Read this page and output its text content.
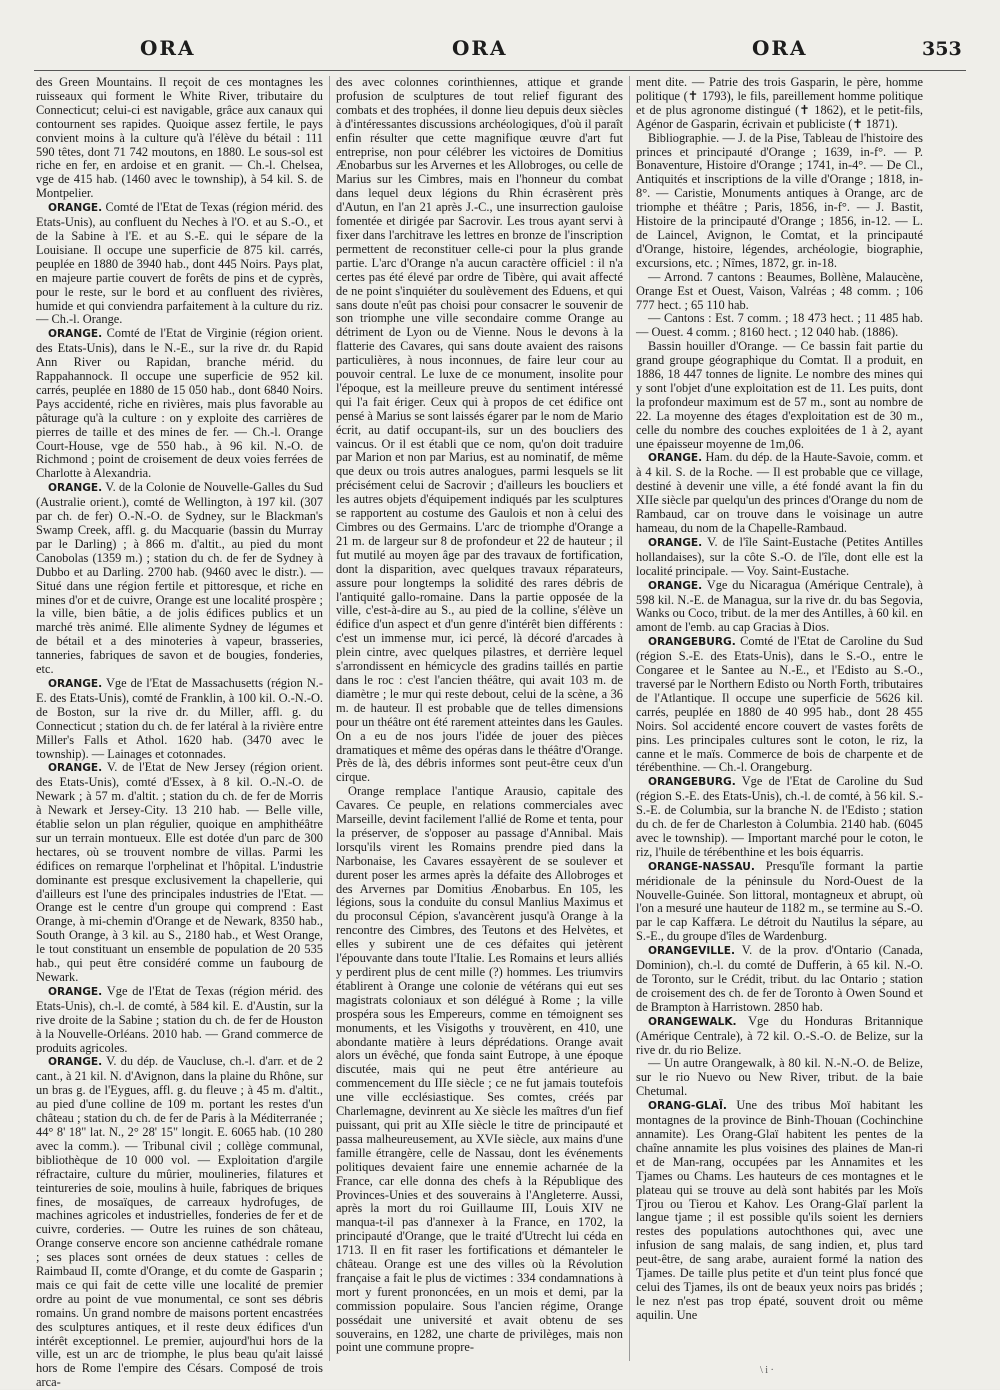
ORA	ORA	ORA	353

des Green Mountains. Il reçoit de ces montagnes les ruisseaux qui forment le White River, tributaire du Connecticut; celui-ci est navigable, grâce aux canaux qui contournent ses rapides. Quoique assez fertile, le pays convient moins à la culture qu'à l'élève du bétail : 111 590 têtes, dont 71 742 moutons, en 1880. Le sous-sol est riche en fer, en ardoise et en granit. — Ch.-l. Chelsea, vge de 415 hab. (1460 avec le township), à 54 kil. S. de Montpelier.

ORANGE. Comté de l'Etat de Texas (région mérid. des Etats-Unis), au confluent du Neches à l'O. et au S.-O., et de la Sabine à l'E. et au S.-E. qui le sépare de la Louisiane. Il occupe une superficie de 875 kil. carrés, peuplée en 1880 de 3940 hab., dont 445 Noirs. Pays plat, en majeure partie couvert de forêts de pins et de cyprès, pour le reste, sur le bord et au confluent des rivières, humide et qui conviendra parfaitement à la culture du riz. — Ch.-l. Orange.

ORANGE. Comté de l'Etat de Virginie (région orient. des Etats-Unis), dans le N.-E., sur la rive dr. du Rapid Ann River ou Rapidan, branche mérid. du Rappahannock. Il occupe une superficie de 952 kil. carrés, peuplée en 1880 de 15 050 hab., dont 6840 Noirs. Pays accidenté, riche en rivières, mais plus favorable au pâturage qu'à la culture : on y exploite des carrières de pierres de taille et des mines de fer. — Ch.-l. Orange Court-House, vge de 550 hab., à 96 kil. N.-O. de Richmond ; point de croisement de deux voies ferrées de Charlotte à Alexandria.

ORANGE. V. de la Colonie de Nouvelle-Galles du Sud (Australie orient.), comté de Wellington, à 197 kil. (307 par ch. de fer) O.-N.-O. de Sydney, sur le Blackman's Swamp Creek, affl. g. du Macquarie (bassin du Murray par le Darling) ; à 866 m. d'altit., au pied du mont Canobolas (1359 m.) ; station du ch. de fer de Sydney à Dubbo et au Darling. 2700 hab. (9460 avec le distr.). — Situé dans une région fertile et pittoresque, et riche en mines d'or et de cuivre, Orange est une localité prospère ; la ville, bien bâtie, a de jolis édifices publics et un marché très animé. Elle alimente Sydney de légumes et de bétail et a des minoteries à vapeur, brasseries, tanneries, fabriques de savon et de bougies, fonderies, etc.

ORANGE. Vge de l'Etat de Massachusetts (région N.-E. des Etats-Unis), comté de Franklin, à 100 kil. O.-N.-O. de Boston, sur la rive dr. du Miller, affl. g. du Connecticut ; station du ch. de fer latéral à la rivière entre Miller's Falls et Athol. 1620 hab. (3470 avec le township). — Lainages et cotonnades.

ORANGE. V. de l'Etat de New Jersey (région orient. des Etats-Unis), comté d'Essex, à 8 kil. O.-N.-O. de Newark ; à 57 m. d'altit. ; station du ch. de fer de Morris à Newark et Jersey-City. 13 210 hab. — Belle ville, établie selon un plan régulier, quoique en amphithéâtre sur un terrain montueux. Elle est dotée d'un parc de 300 hectares, où se trouvent nombre de villas. Parmi les édifices on remarque l'orphelinat et l'hôpital. L'industrie dominante est presque exclusivement la chapellerie, qui d'ailleurs est l'une des principales industries de l'Etat. — Orange est le centre d'un groupe qui comprend : East Orange, à mi-chemin d'Orange et de Newark, 8350 hab., South Orange, à 3 kil. au S., 2180 hab., et West Orange, le tout constituant un ensemble de population de 20 535 hab., qui peut être considéré comme un faubourg de Newark.

ORANGE. Vge de l'Etat de Texas (région mérid. des Etats-Unis), ch.-l. de comté, à 584 kil. E. d'Austin, sur la rive droite de la Sabine ; station du ch. de fer de Houston à la Nouvelle-Orléans. 2010 hab. — Grand commerce de produits agricoles.

ORANGE. V. du dép. de Vaucluse, ch.-l. d'arr. et de 2 cant., à 21 kil. N. d'Avignon, dans la plaine du Rhône, sur un bras g. de l'Eygues, affl. g. du fleuve ; à 45 m. d'altit., au pied d'une colline de 109 m. portant les restes d'un château ; station du ch. de fer de Paris à la Méditerranée ; 44° 8' 18" lat. N., 2° 28' 15" longit. E. 6065 hab. (10 280 avec la comm.). — Tribunal civil ; collège communal, bibliothèque de 10 000 vol. — Exploitation d'argile réfractaire, culture du mûrier, moulineries, filatures et teintureries de soie, moulins à huile, fabriques de briques fines, de mosaïques, de carreaux hydrofuges, de machines agricoles et industrielles, fonderies de fer et de cuivre, corderies. — Outre les ruines de son château, Orange conserve encore son ancienne cathédrale romane ; ses places sont ornées de deux statues : celles de Raimbaud II, comte d'Orange, et du comte de Gasparin ; mais ce qui fait de cette ville une localité de premier ordre au point de vue monumental, ce sont ses débris romains. Un grand nombre de maisons portent encastrées des sculptures antiques, et il reste deux édifices d'un intérêt exceptionnel. Le premier, aujourd'hui hors de la ville, est un arc de triomphe, le plus beau qu'ait laissé hors de Rome l'empire des Césars. Composé de trois arca-

des avec colonnes corinthiennes, attique et grande profusion de sculptures de tout relief figurant des combats et des trophées, il donne lieu depuis deux siècles à d'intéressantes discussions archéologiques, d'où il paraît enfin résulter que cette magnifique œuvre d'art fut entreprise, non pour célébrer les victoires de Domitius Ænobarbus sur les Arvernes et les Allobroges, ou celle de Marius sur les Cimbres, mais en l'honneur du combat dans lequel deux légions du Rhin écrasèrent près d'Autun, en l'an 21 après J.-C., une insurrection gauloise fomentée et dirigée par Sacrovir. Les trous ayant servi à fixer dans l'architrave les lettres en bronze de l'inscription permettent de reconstituer celle-ci pour la plus grande partie. L'arc d'Orange n'a aucun caractère officiel : il n'a certes pas été élevé par ordre de Tibère, qui avait affecté de ne point s'inquiéter du soulèvement des Eduens, et qui sans doute n'eût pas choisi pour consacrer le souvenir de son triomphe une ville secondaire comme Orange au détriment de Lyon ou de Vienne. Nous le devons à la flatterie des Cavares, qui sans doute avaient des raisons particulières, à nous inconnues, de faire leur cour au pouvoir central. Le luxe de ce monument, insolite pour l'époque, est la meilleure preuve du sentiment intéressé qui l'a fait ériger. Ceux qui à propos de cet édifice ont pensé à Marius se sont laissés égarer par le nom de Mario écrit, au datif occupant-ils, sur un des boucliers des vaincus. Or il est établi que ce nom, qu'on doit traduire par Marion et non par Marius, est au nominatif, de même que deux ou trois autres analogues, parmi lesquels se lit précisément celui de Sacrovir ; d'ailleurs les boucliers et les autres objets d'équipement indiqués par les sculptures se rapportent au costume des Gaulois et non à celui des Cimbres ou des Germains. L'arc de triomphe d'Orange a 21 m. de largeur sur 8 de profondeur et 22 de hauteur ; il fut mutilé au moyen âge par des travaux de fortification, dont la disparition, avec quelques travaux réparateurs, assure pour longtemps la solidité des rares débris de l'antiquité gallo-romaine. Dans la partie opposée de la ville, c'est-à-dire au S., au pied de la colline, s'élève un édifice d'un aspect et d'un genre d'intérêt bien différents : c'est un immense mur, ici percé, là décoré d'arcades à plein cintre, avec quelques pilastres, et derrière lequel s'arrondissent en hémicycle des gradins taillés en partie dans le roc : c'est l'ancien théâtre, qui avait 103 m. de diamètre ; le mur qui reste debout, celui de la scène, a 36 m. de hauteur. Il est probable que de telles dimensions pour un théâtre ont été rarement atteintes dans les Gaules. On a eu de nos jours l'idée de jouer des pièces dramatiques et même des opéras dans le théâtre d'Orange. Près de là, des débris informes sont peut-être ceux d'un cirque.

Orange remplace l'antique Arausio, capitale des Cavares. Ce peuple, en relations commerciales avec Marseille, devint facilement l'allié de Rome et tenta, pour la préserver, de s'opposer au passage d'Annibal. Mais lorsqu'ils virent les Romains prendre pied dans la Narbonaise, les Cavares essayèrent de se soulever et durent poser les armes après la défaite des Allobroges et des Arvernes par Domitius Ænobarbus. En 105, les légions, sous la conduite du consul Manlius Maximus et du proconsul Cépion, s'avancèrent jusqu'à Orange à la rencontre des Cimbres, des Teutons et des Helvètes, et elles y subirent une de ces défaites qui jetèrent l'épouvante dans toute l'Italie. Les Romains et leurs alliés y perdirent plus de cent mille (?) hommes. Les triumvirs établirent à Orange une colonie de vétérans qui eut ses magistrats coloniaux et son délégué à Rome ; la ville prospéra sous les Empereurs, comme en témoignent ses monuments, et les Visigoths y trouvèrent, en 410, une abondante matière à leurs déprédations. Orange avait alors un évêché, que fonda saint Eutrope, à une époque discutée, mais qui ne peut être antérieure au commencement du IIIe siècle ; ce ne fut jamais toutefois une ville ecclésiastique. Ses comtes, créés par Charlemagne, devinrent au Xe siècle les maîtres d'un fief puissant, qui prit au XIIe siècle le titre de principauté et passa malheureusement, au XVIe siècle, aux mains d'une famille étrangère, celle de Nassau, dont les événements politiques devaient faire une ennemie acharnée de la France, car elle donna des chefs à la République des Provinces-Unies et des souverains à l'Angleterre. Aussi, après la mort du roi Guillaume III, Louis XIV ne manqua-t-il pas d'annexer à la France, en 1702, la principauté d'Orange, que le traité d'Utrecht lui céda en 1713. Il en fit raser les fortifications et démanteler le château. Orange est une des villes où la Révolution française a fait le plus de victimes : 334 condamnations à mort y furent prononcées, en un mois et demi, par la commission populaire. Sous l'ancien régime, Orange possédait une université et avait obtenu de ses souverains, en 1282, une charte de privilèges, mais non point une commune propre-

ment dite. — Patrie des trois Gasparin, le père, homme politique (✝ 1793), le fils, pareillement homme politique et de plus agronome distingué (✝ 1862), et le petit-fils, Agénor de Gasparin, écrivain et publiciste (✝ 1871).

Bibliographie. — J. de la Pise, Tableau de l'histoire des princes et principauté d'Orange ; 1639, in-f°. — P. Bonaventure, Histoire d'Orange ; 1741, in-4°. — De Cl., Antiquités et inscriptions de la ville d'Orange ; 1818, in-8°. — Caristie, Monuments antiques à Orange, arc de triomphe et théâtre ; Paris, 1856, in-f°. — J. Bastit, Histoire de la principauté d'Orange ; 1856, in-12. — L. de Laincel, Avignon, le Comtat, et la principauté d'Orange, histoire, légendes, archéologie, biographie, excursions, etc. ; Nîmes, 1872, gr. in-18.

— Arrond. 7 cantons : Beaumes, Bollène, Malaucène, Orange Est et Ouest, Vaison, Valréas ; 48 comm. ; 106 777 hect. ; 65 110 hab.

— Cantons : Est. 7 comm. ; 18 473 hect. ; 11 485 hab. — Ouest. 4 comm. ; 8160 hect. ; 12 040 hab. (1886).

Bassin houiller d'Orange. — Ce bassin fait partie du grand groupe géographique du Comtat. Il a produit, en 1886, 18 447 tonnes de lignite. Le nombre des mines qui y sont l'objet d'une exploitation est de 11. Les puits, dont la profondeur maximum est de 57 m., sont au nombre de 22. La moyenne des étages d'exploitation est de 30 m., celle du nombre des couches exploitées de 1 à 2, ayant une épaisseur moyenne de 1m,06.

ORANGE. Ham. du dép. de la Haute-Savoie, comm. et à 4 kil. S. de la Roche. — Il est probable que ce village, destiné à devenir une ville, a été fondé avant la fin du XIIe siècle par quelqu'un des princes d'Orange du nom de Rambaud, car on trouve dans le voisinage un autre hameau, du nom de la Chapelle-Rambaud.

ORANGE. V. de l'île Saint-Eustache (Petites Antilles hollandaises), sur la côte S.-O. de l'île, dont elle est la localité principale. — Voy. Saint-Eustache.

ORANGE. Vge du Nicaragua (Amérique Centrale), à 598 kil. N.-E. de Managua, sur la rive dr. du bas Segovia, Wanks ou Coco, tribut. de la mer des Antilles, à 60 kil. en amont de l'emb. au cap Gracias à Dios.

ORANGEBURG. Comté de l'Etat de Caroline du Sud (région S.-E. des Etats-Unis), dans le S.-O., entre le Congaree et le Santee au N.-E., et l'Edisto au S.-O., traversé par le Northern Edisto ou North Forth, tributaires de l'Atlantique. Il occupe une superficie de 5626 kil. carrés, peuplée en 1880 de 40 995 hab., dont 28 455 Noirs. Sol accidenté encore couvert de vastes forêts de pins. Les principales cultures sont le coton, le riz, la canne et le maïs. Commerce de bois de charpente et de térébenthine. — Ch.-l. Orangeburg.

ORANGEBURG. Vge de l'Etat de Caroline du Sud (région S.-E. des Etats-Unis), ch.-l. de comté, à 56 kil. S.-S.-E. de Columbia, sur la branche N. de l'Edisto ; station du ch. de fer de Charleston à Columbia. 2140 hab. (6045 avec le township). — Important marché pour le coton, le riz, l'huile de térébenthine et les bois équarris.

ORANGE-NASSAU. Presqu'île formant la partie méridionale de la péninsule du Nord-Ouest de la Nouvelle-Guinée. Son littoral, montagneux et abrupt, où l'on a mesuré une hauteur de 1182 m., se termine au S.-O. par le cap Kaffæra. Le détroit du Nautilus la sépare, au S.-E., du groupe d'îles de Wardenburg.

ORANGEVILLE. V. de la prov. d'Ontario (Canada, Dominion), ch.-l. du comté de Dufferin, à 65 kil. N.-O. de Toronto, sur le Crédit, tribut. du lac Ontario ; station de croisement des ch. de fer de Toronto à Owen Sound et de Brampton à Harristown. 2850 hab.

ORANGEWALK. Vge du Honduras Britannique (Amérique Centrale), à 72 kil. O.-S.-O. de Belize, sur la rive dr. du rio Belize.

— Un autre Orangewalk, à 80 kil. N.-N.-O. de Belize, sur le rio Nuevo ou New River, tribut. de la baie Chetumal.

ORANG-GLAÏ. Une des tribus Moï habitant les montagnes de la province de Binh-Thouan (Cochinchine annamite). Les Orang-Glaï habitent les pentes de la chaîne annamite les plus voisines des plaines de Man-ri et de Man-rang, occupées par les Annamites et les Tjames ou Chams. Les hauteurs de ces montagnes et le plateau qui se trouve au delà sont habités par les Moïs Tjrou ou Tierou et Kahov. Les Orang-Glaï parlent la langue tjame ; il est possible qu'ils soient les derniers restes des populations autochthones qui, avec une infusion de sang malais, de sang indien, et, plus tard peut-être, de sang arabe, auraient formé la nation des Tjames. De taille plus petite et d'un teint plus foncé que celui des Tjames, ils ont de beaux yeux noirs pas bridés ; le nez n'est pas trop épaté, souvent droit ou même aquilin. Une

\ i ·
